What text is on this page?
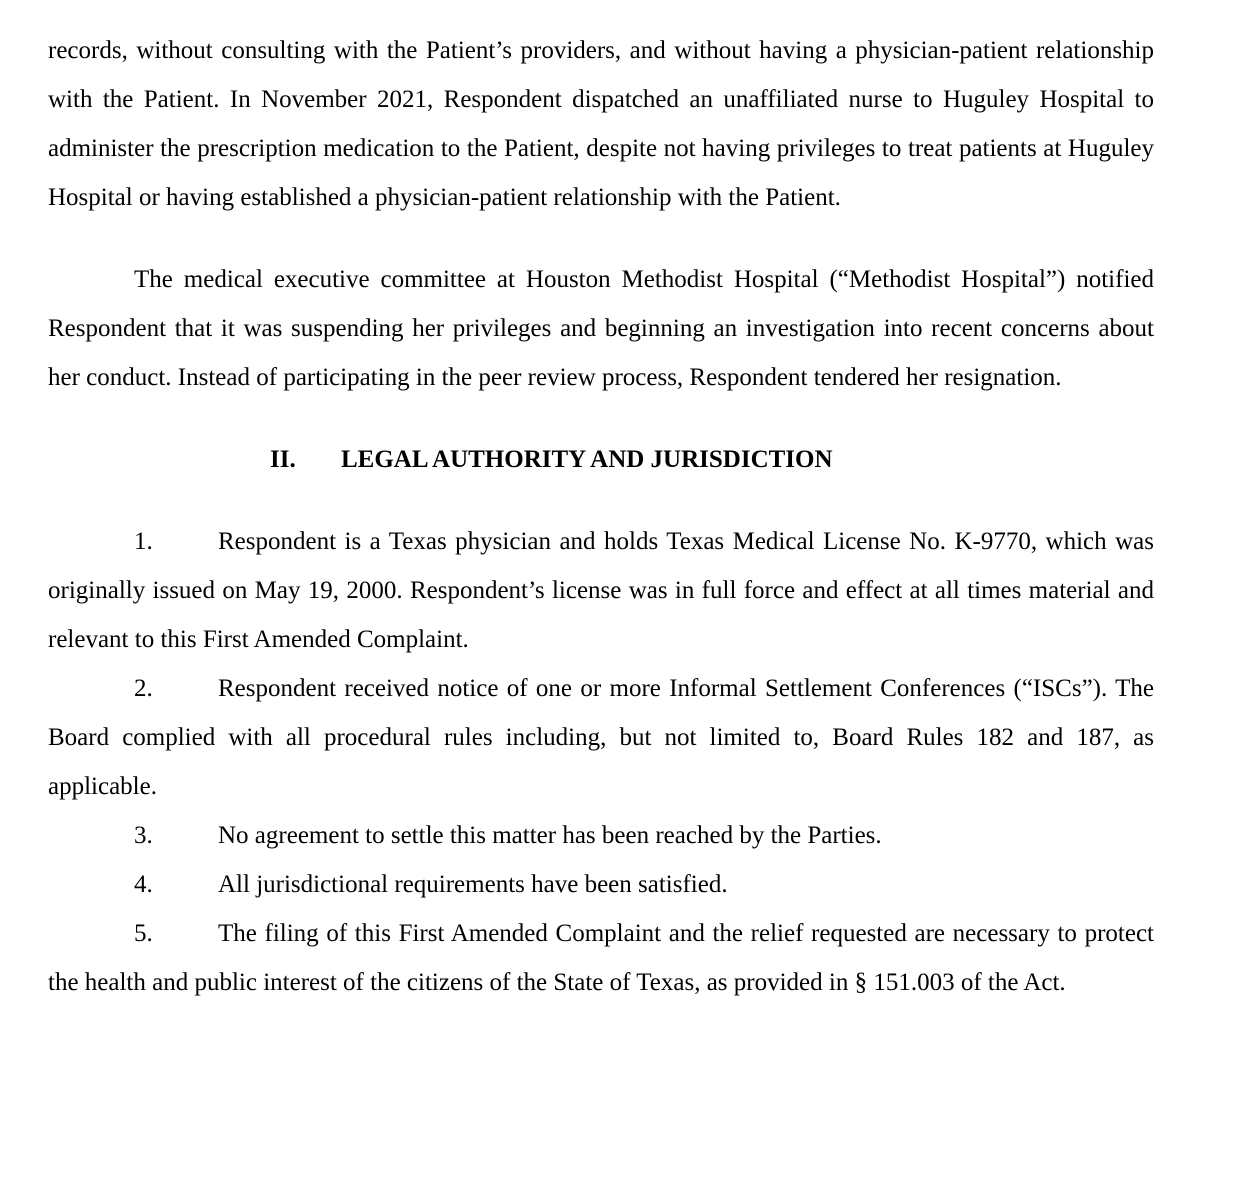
records, without consulting with the Patient’s providers, and without having a physician-patient relationship with the Patient. In November 2021, Respondent dispatched an unaffiliated nurse to Huguley Hospital to administer the prescription medication to the Patient, despite not having privileges to treat patients at Huguley Hospital or having established a physician-patient relationship with the Patient.

The medical executive committee at Houston Methodist Hospital (“Methodist Hospital”) notified Respondent that it was suspending her privileges and beginning an investigation into recent concerns about her conduct. Instead of participating in the peer review process, Respondent tendered her resignation.

II. LEGAL AUTHORITY AND JURISDICTION

1.	Respondent is a Texas physician and holds Texas Medical License No. K-9770, which was originally issued on May 19, 2000. Respondent’s license was in full force and effect at all times material and relevant to this First Amended Complaint.

2.	Respondent received notice of one or more Informal Settlement Conferences (“ISCs”). The Board complied with all procedural rules including, but not limited to, Board Rules 182 and 187, as applicable.

3.	No agreement to settle this matter has been reached by the Parties.

4.	All jurisdictional requirements have been satisfied.

5.	The filing of this First Amended Complaint and the relief requested are necessary to protect the health and public interest of the citizens of the State of Texas, as provided in § 151.003 of the Act.
